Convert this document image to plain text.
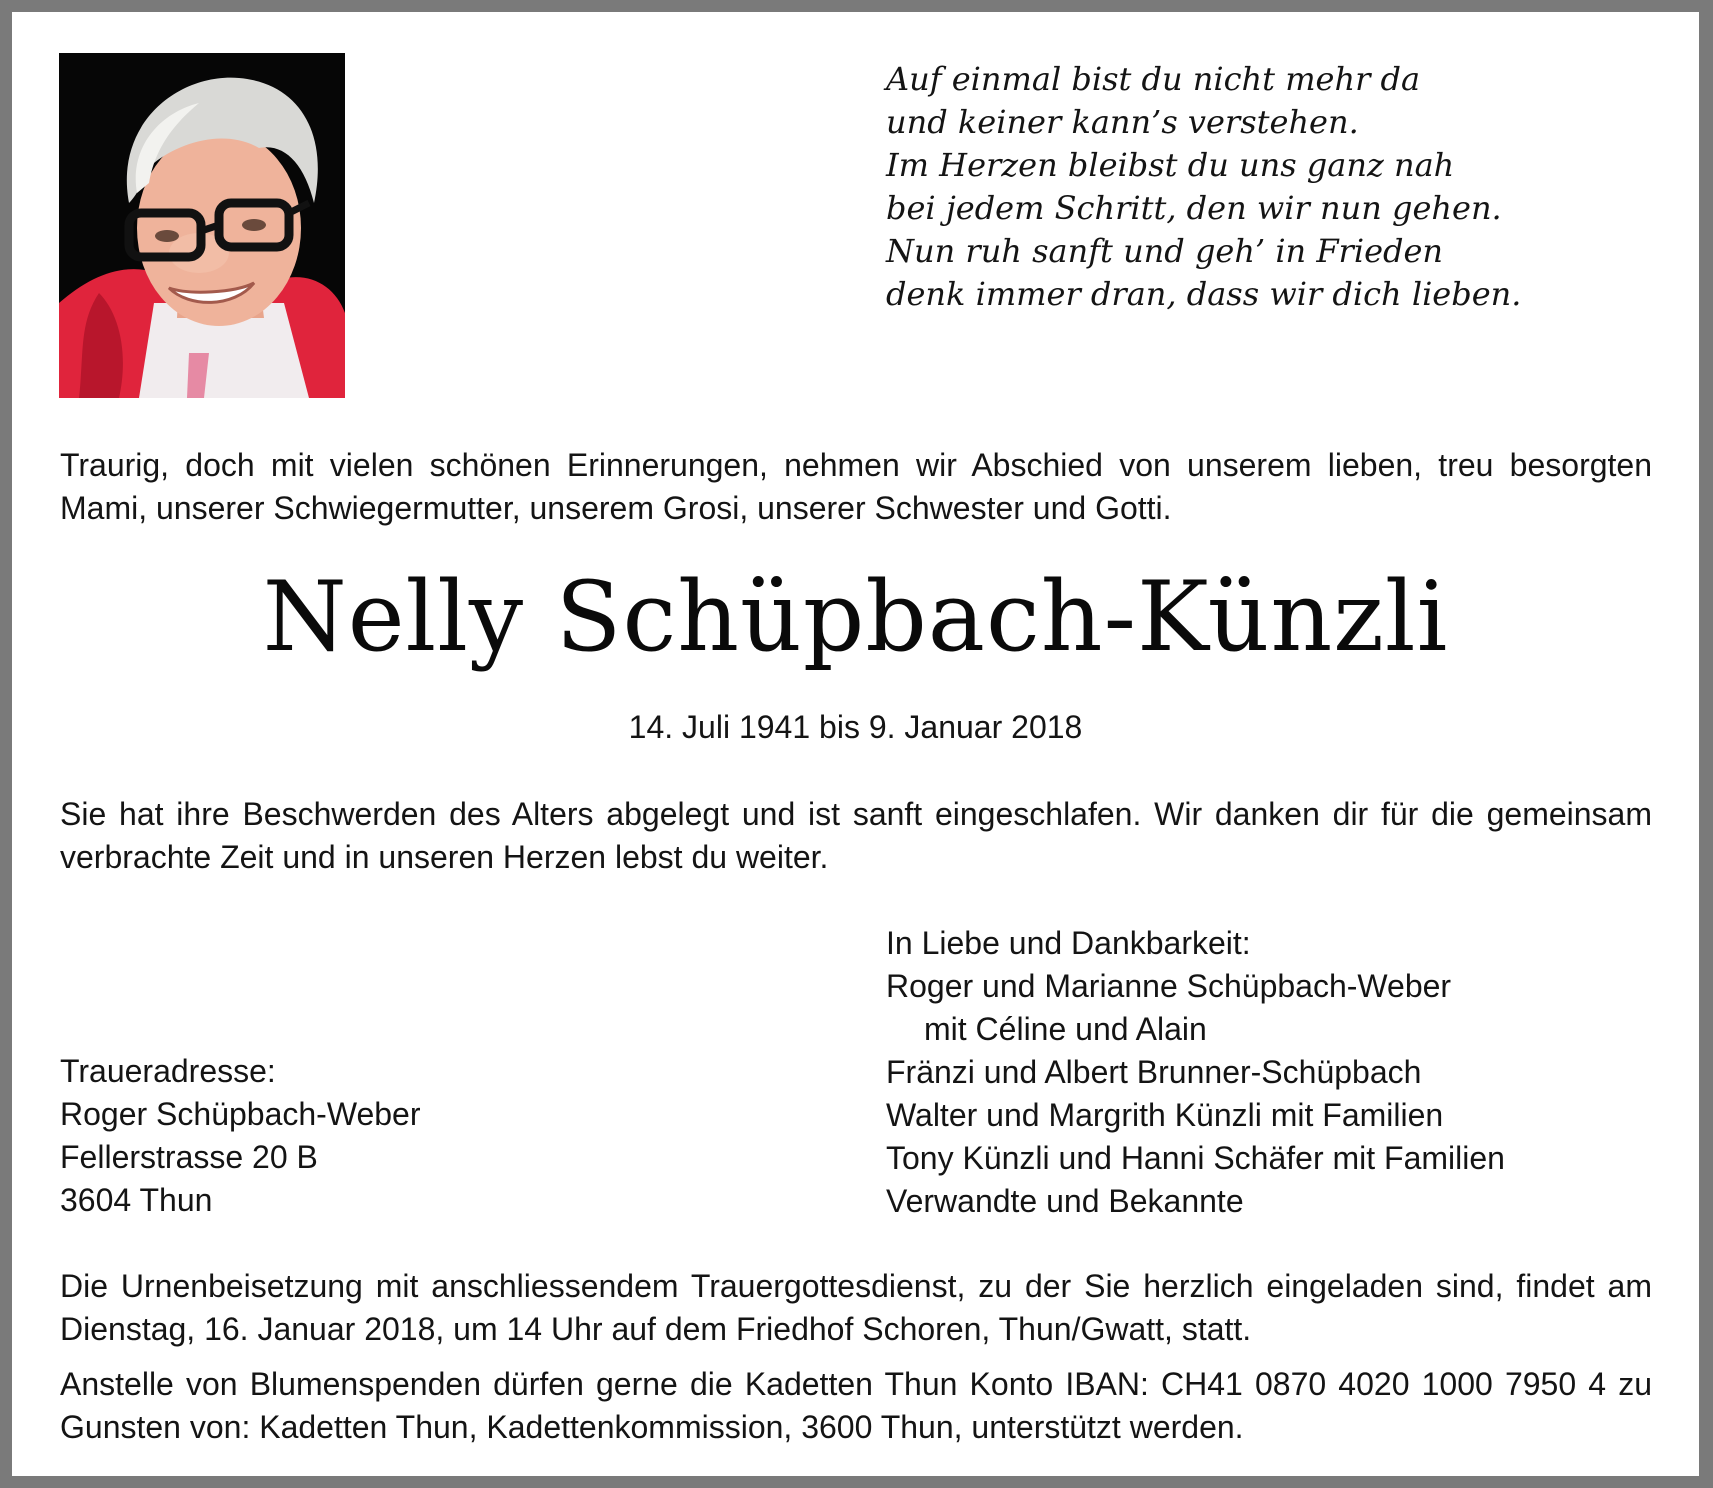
Auf einmal bist du nicht mehr da
und keiner kann’s verstehen.
Im Herzen bleibst du uns ganz nah
bei jedem Schritt, den wir nun gehen.
Nun ruh sanft und geh’ in Frieden
denk immer dran, dass wir dich lieben.
Traurig, doch mit vielen schönen Erinnerungen, nehmen wir Abschied von unserem lieben, treu besorgten Mami, unserer Schwiegermutter, unserem Grosi, unserer Schwester und Gotti.
Nelly Schüpbach-Künzli
14. Juli 1941 bis 9. Januar 2018
Sie hat ihre Beschwerden des Alters abgelegt und ist sanft eingeschlafen. Wir danken dir für die gemeinsam verbrachte Zeit und in unseren Herzen lebst du weiter.
In Liebe und Dankbarkeit:
Roger und Marianne Schüpbach-Weber
mit Céline und Alain
Fränzi und Albert Brunner-Schüpbach
Walter und Margrith Künzli mit Familien
Tony Künzli und Hanni Schäfer mit Familien
Verwandte und Bekannte
Traueradresse:
Roger Schüpbach-Weber
Fellerstrasse 20 B
3604 Thun
Die Urnenbeisetzung mit anschliessendem Trauergottesdienst, zu der Sie herzlich eingeladen sind, findet am Dienstag, 16. Januar 2018, um 14 Uhr auf dem Friedhof Schoren, Thun/Gwatt, statt.
Anstelle von Blumenspenden dürfen gerne die Kadetten Thun Konto IBAN: CH41 0870 4020 1000 7950 4 zu Gunsten von: Kadetten Thun, Kadettenkommission, 3600 Thun, unterstützt werden.
